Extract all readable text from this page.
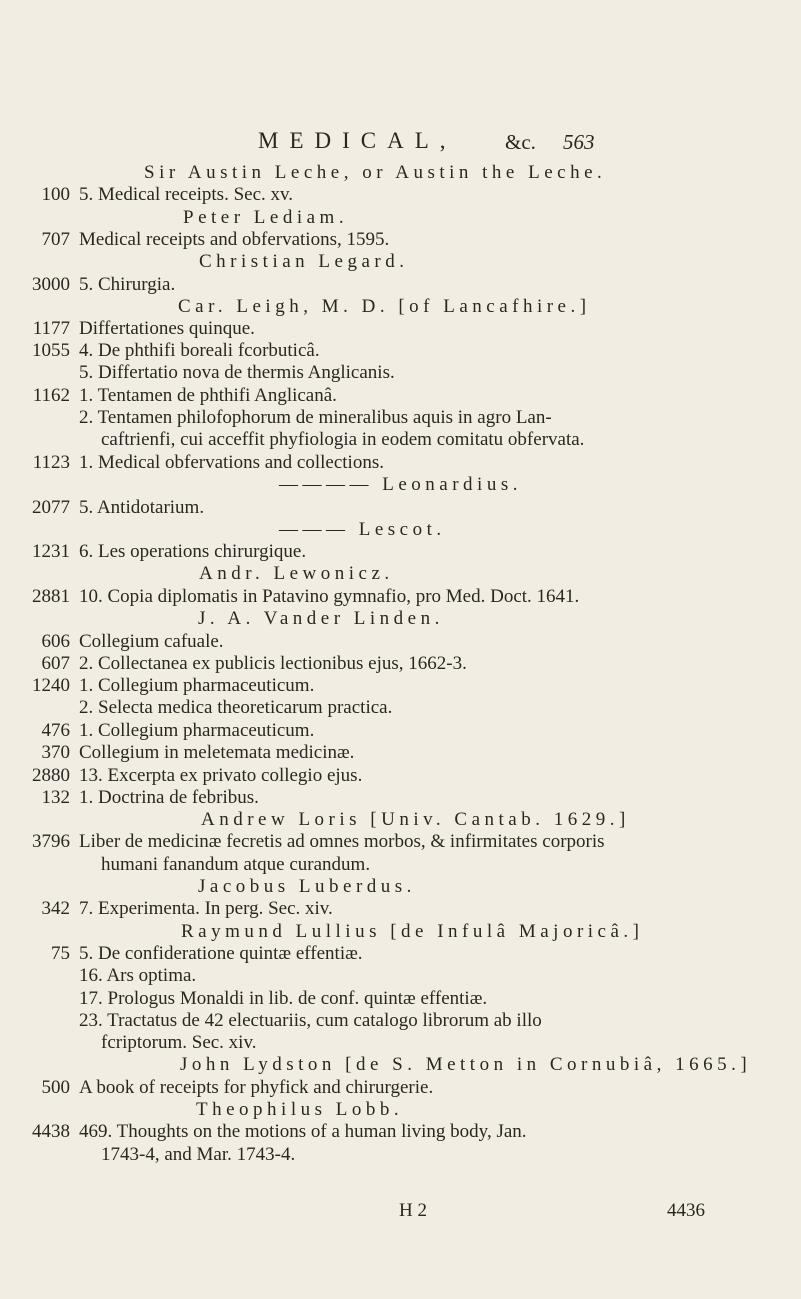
MEDICAL, &c. 563
Sir Austin Leche, or Austin the Leche.
100 5. Medical receipts. Sec. xv.
Peter Lediam.
707 Medical receipts and obfervations, 1595.
Christian Legard.
3000 5. Chirurgia.
Car. Leigh, M. D. [of Lancafhire.]
1177 Differtationes quinque.
1055 4. De phthifi boreali fcorbuticâ.
5. Differtatio nova de thermis Anglicanis.
1162 1. Tentamen de phthifi Anglicanâ.
2. Tentamen philofophorum de mineralibus aquis in agro Lan-
caftrienfi, cui acceffit phyfiologia in eodem comitatu obfervata.
1123 1. Medical obfervations and collections.
———— Leonardius.
2077 5. Antidotarium.
——— Lescot.
1231 6. Les operations chirurgique.
Andr. Lewonicz.
2881 10. Copia diplomatis in Patavino gymnafio, pro Med. Doct. 1641.
J. A. Vander Linden.
606 Collegium cafuale.
607 2. Collectanea ex publicis lectionibus ejus, 1662-3.
1240 1. Collegium pharmaceuticum.
2. Selecta medica theoreticarum practica.
476 1. Collegium pharmaceuticum.
370 Collegium in meletemata medicinæ.
2880 13. Excerpta ex privato collegio ejus.
132 1. Doctrina de febribus.
Andrew Loris [Univ. Cantab. 1629.]
3796 Liber de medicinæ fecretis ad omnes morbos, & infirmitates corporis
humani fanandum atque curandum.
Jacobus Luberdus.
342 7. Experimenta. In perg. Sec. xiv.
Raymund Lullius [de Infulâ Majoricâ.]
75 5. De confideratione quintæ effentiæ.
16. Ars optima.
17. Prologus Monaldi in lib. de conf. quintæ effentiæ.
23. Tractatus de 42 electuariis, cum catalogo librorum ab illo
fcriptorum. Sec. xiv.
John Lydston [de S. Metton in Cornubiâ, 1665.]
500 A book of receipts for phyfick and chirurgerie.
Theophilus Lobb.
4438 469. Thoughts on the motions of a human living body, Jan.
1743-4, and Mar. 1743-4.
H 2	4436
